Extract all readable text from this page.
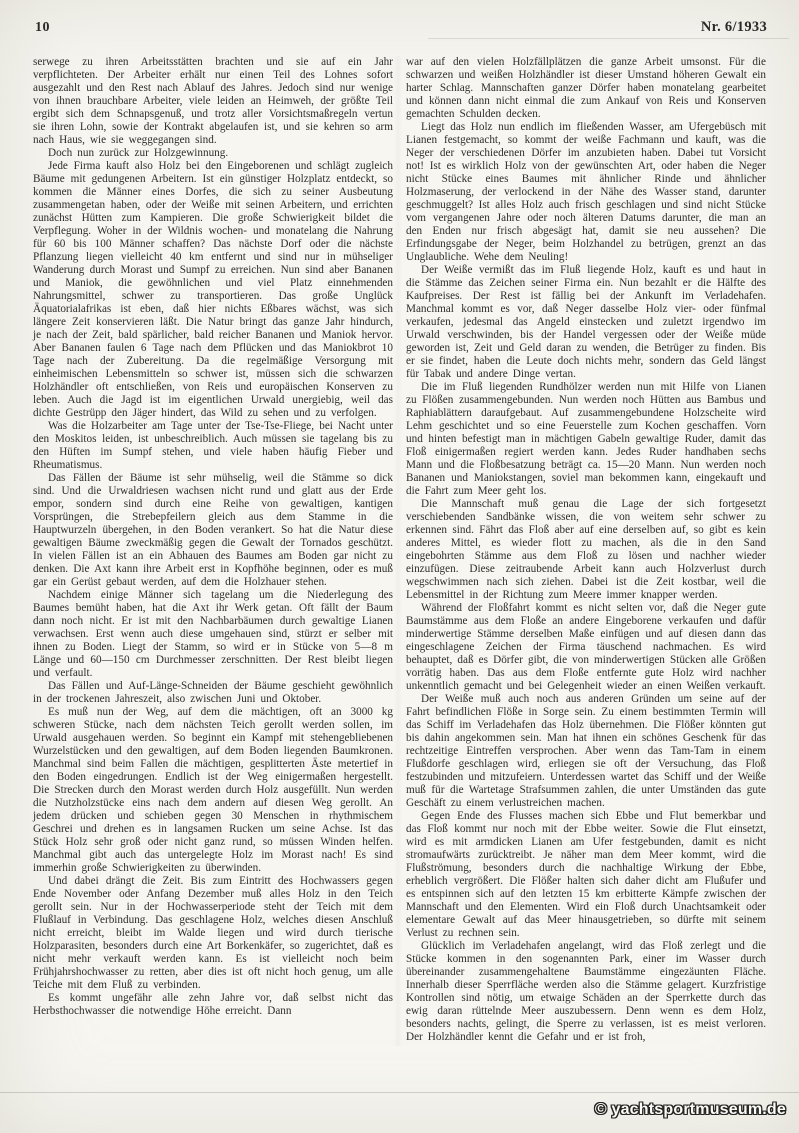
10	Nr. 6/1933

serwege zu ihren Arbeitsstätten brachten und sie auf ein Jahr verpflichteten. Der Arbeiter erhält nur einen Teil des Lohnes sofort ausgezahlt und den Rest nach Ablauf des Jahres. Jedoch sind nur wenige von ihnen brauchbare Arbeiter, viele leiden an Heimweh, der größte Teil ergibt sich dem Schnapsgenuß, und trotz aller Vorsichtsmaßregeln vertun sie ihren Lohn, sowie der Kontrakt abgelaufen ist, und sie kehren so arm nach Haus, wie sie weggegangen sind.

Doch nun zurück zur Holzgewinnung.

Jede Firma kauft also Holz bei den Eingeborenen und schlägt zugleich Bäume mit gedungenen Arbeitern. Ist ein günstiger Holzplatz entdeckt, so kommen die Männer eines Dorfes, die sich zu seiner Ausbeutung zusammengetan haben, oder der Weiße mit seinen Arbeitern, und errichten zunächst Hütten zum Kampieren. Die große Schwierigkeit bildet die Verpflegung. Woher in der Wildnis wochen- und monatelang die Nahrung für 60 bis 100 Männer schaffen? Das nächste Dorf oder die nächste Pflanzung liegen vielleicht 40 km entfernt und sind nur in mühseliger Wanderung durch Morast und Sumpf zu erreichen. Nun sind aber Bananen und Maniok, die gewöhnlichen und viel Platz einnehmenden Nahrungsmittel, schwer zu transportieren. Das große Unglück Äquatorialafrikas ist eben, daß hier nichts Eßbares wächst, was sich längere Zeit konservieren läßt. Die Natur bringt das ganze Jahr hindurch, je nach der Zeit, bald spärlicher, bald reicher Bananen und Maniok hervor. Aber Bananen faulen 6 Tage nach dem Pflücken und das Maniokbrot 10 Tage nach der Zubereitung. Da die regelmäßige Versorgung mit einheimischen Lebensmitteln so schwer ist, müssen sich die schwarzen Holzhändler oft entschließen, von Reis und europäischen Konserven zu leben. Auch die Jagd ist im eigentlichen Urwald unergiebig, weil das dichte Gestrüpp den Jäger hindert, das Wild zu sehen und zu verfolgen.

Was die Holzarbeiter am Tage unter der Tse-Tse-Fliege, bei Nacht unter den Moskitos leiden, ist unbeschreiblich. Auch müssen sie tagelang bis zu den Hüften im Sumpf stehen, und viele haben häufig Fieber und Rheumatismus.

Das Fällen der Bäume ist sehr mühselig, weil die Stämme so dick sind. Und die Urwaldriesen wachsen nicht rund und glatt aus der Erde empor, sondern sind durch eine Reihe von gewaltigen, kantigen Vorsprüngen, die Strebepfeilern gleich aus dem Stamme in die Hauptwurzeln übergehen, in den Boden verankert. So hat die Natur diese gewaltigen Bäume zweckmäßig gegen die Gewalt der Tornados geschützt. In vielen Fällen ist an ein Abhauen des Baumes am Boden gar nicht zu denken. Die Axt kann ihre Arbeit erst in Kopfhöhe beginnen, oder es muß gar ein Gerüst gebaut werden, auf dem die Holzhauer stehen.

Nachdem einige Männer sich tagelang um die Niederlegung des Baumes bemüht haben, hat die Axt ihr Werk getan. Oft fällt der Baum dann noch nicht. Er ist mit den Nachbarbäumen durch gewaltige Lianen verwachsen. Erst wenn auch diese umgehauen sind, stürzt er selber mit ihnen zu Boden. Liegt der Stamm, so wird er in Stücke von 5—8 m Länge und 60—150 cm Durchmesser zerschnitten. Der Rest bleibt liegen und verfault.

Das Fällen und Auf-Länge-Schneiden der Bäume geschieht gewöhnlich in der trockenen Jahreszeit, also zwischen Juni und Oktober.

Es muß nun der Weg, auf dem die mächtigen, oft an 3000 kg schweren Stücke, nach dem nächsten Teich gerollt werden sollen, im Urwald ausgehauen werden. So beginnt ein Kampf mit stehengebliebenen Wurzelstücken und den gewaltigen, auf dem Boden liegenden Baumkronen. Manchmal sind beim Fallen die mächtigen, gesplitterten Äste metertief in den Boden eingedrungen. Endlich ist der Weg einigermaßen hergestellt. Die Strecken durch den Morast werden durch Holz ausgefüllt. Nun werden die Nutzholzstücke eins nach dem andern auf diesen Weg gerollt. An jedem drücken und schieben gegen 30 Menschen in rhythmischem Geschrei und drehen es in langsamen Rucken um seine Achse. Ist das Stück Holz sehr groß oder nicht ganz rund, so müssen Winden helfen. Manchmal gibt auch das untergelegte Holz im Morast nach! Es sind immerhin große Schwierigkeiten zu überwinden.

Und dabei drängt die Zeit. Bis zum Eintritt des Hochwassers gegen Ende November oder Anfang Dezember muß alles Holz in den Teich gerollt sein. Nur in der Hochwasserperiode steht der Teich mit dem Flußlauf in Verbindung. Das geschlagene Holz, welches diesen Anschluß nicht erreicht, bleibt im Walde liegen und wird durch tierische Holzparasiten, besonders durch eine Art Borkenkäfer, so zugerichtet, daß es nicht mehr verkauft werden kann. Es ist vielleicht noch beim Frühjahrshochwasser zu retten, aber dies ist oft nicht hoch genug, um alle Teiche mit dem Fluß zu verbinden.

Es kommt ungefähr alle zehn Jahre vor, daß selbst nicht das Herbsthochwasser die notwendige Höhe erreicht. Dann

war auf den vielen Holzfällplätzen die ganze Arbeit umsonst. Für die schwarzen und weißen Holzhändler ist dieser Umstand höheren Gewalt ein harter Schlag. Mannschaften ganzer Dörfer haben monatelang gearbeitet und können dann nicht einmal die zum Ankauf von Reis und Konserven gemachten Schulden decken.

Liegt das Holz nun endlich im fließenden Wasser, am Ufergebüsch mit Lianen festgemacht, so kommt der weiße Fachmann und kauft, was die Neger der verschiedenen Dörfer im anzubieten haben. Dabei tut Vorsicht not! Ist es wirklich Holz von der gewünschten Art, oder haben die Neger nicht Stücke eines Baumes mit ähnlicher Rinde und ähnlicher Holzmaserung, der verlockend in der Nähe des Wasser stand, darunter geschmuggelt? Ist alles Holz auch frisch geschlagen und sind nicht Stücke vom vergangenen Jahre oder noch älteren Datums darunter, die man an den Enden nur frisch abgesägt hat, damit sie neu aussehen? Die Erfindungsgabe der Neger, beim Holzhandel zu betrügen, grenzt an das Unglaubliche. Wehe dem Neuling!

Der Weiße vermißt das im Fluß liegende Holz, kauft es und haut in die Stämme das Zeichen seiner Firma ein. Nun bezahlt er die Hälfte des Kaufpreises. Der Rest ist fällig bei der Ankunft im Verladehafen. Manchmal kommt es vor, daß Neger dasselbe Holz vier- oder fünfmal verkaufen, jedesmal das Angeld einstecken und zuletzt irgendwo im Urwald verschwinden, bis der Handel vergessen oder der Weiße müde geworden ist, Zeit und Geld daran zu wenden, die Betrüger zu finden. Bis er sie findet, haben die Leute doch nichts mehr, sondern das Geld längst für Tabak und andere Dinge vertan.

Die im Fluß liegenden Rundhölzer werden nun mit Hilfe von Lianen zu Flößen zusammengebunden. Nun werden noch Hütten aus Bambus und Raphiablättern daraufgebaut. Auf zusammengebundene Holzscheite wird Lehm geschichtet und so eine Feuerstelle zum Kochen geschaffen. Vorn und hinten befestigt man in mächtigen Gabeln gewaltige Ruder, damit das Floß einigermaßen regiert werden kann. Jedes Ruder handhaben sechs Mann und die Floßbesatzung beträgt ca. 15—20 Mann. Nun werden noch Bananen und Maniokstangen, soviel man bekommen kann, eingekauft und die Fahrt zum Meer geht los.

Die Mannschaft muß genau die Lage der sich fortgesetzt verschiebenden Sandbänke wissen, die von weitem sehr schwer zu erkennen sind. Fährt das Floß aber auf eine derselben auf, so gibt es kein anderes Mittel, es wieder flott zu machen, als die in den Sand eingebohrten Stämme aus dem Floß zu lösen und nachher wieder einzufügen. Diese zeitraubende Arbeit kann auch Holzverlust durch wegschwimmen nach sich ziehen. Dabei ist die Zeit kostbar, weil die Lebensmittel in der Richtung zum Meere immer knapper werden.

Während der Floßfahrt kommt es nicht selten vor, daß die Neger gute Baumstämme aus dem Floße an andere Eingeborene verkaufen und dafür minderwertige Stämme derselben Maße einfügen und auf diesen dann das eingeschlagene Zeichen der Firma täuschend nachmachen. Es wird behauptet, daß es Dörfer gibt, die von minderwertigen Stücken alle Größen vorrätig haben. Das aus dem Floße entfernte gute Holz wird nachher unkenntlich gemacht und bei Gelegenheit wieder an einen Weißen verkauft.

Der Weiße muß auch noch aus anderen Gründen um seine auf der Fahrt befindlichen Flöße in Sorge sein. Zu einem bestimmten Termin will das Schiff im Verladehafen das Holz übernehmen. Die Flößer könnten gut bis dahin angekommen sein. Man hat ihnen ein schönes Geschenk für das rechtzeitige Eintreffen versprochen. Aber wenn das Tam-Tam in einem Flußdorfe geschlagen wird, erliegen sie oft der Versuchung, das Floß festzubinden und mitzufeiern. Unterdessen wartet das Schiff und der Weiße muß für die Wartetage Strafsummen zahlen, die unter Umständen das gute Geschäft zu einem verlustreichen machen.

Gegen Ende des Flusses machen sich Ebbe und Flut bemerkbar und das Floß kommt nur noch mit der Ebbe weiter. Sowie die Flut einsetzt, wird es mit armdicken Lianen am Ufer festgebunden, damit es nicht stromaufwärts zurücktreibt. Je näher man dem Meer kommt, wird die Flußströmung, besonders durch die nachhaltige Wirkung der Ebbe, erheblich vergrößert. Die Flößer halten sich daher dicht am Flußufer und es entspinnen sich auf den letzten 15 km erbitterte Kämpfe zwischen der Mannschaft und den Elementen. Wird ein Floß durch Unachtsamkeit oder elementare Gewalt auf das Meer hinausgetrieben, so dürfte mit seinem Verlust zu rechnen sein.

Glücklich im Verladehafen angelangt, wird das Floß zerlegt und die Stücke kommen in den sogenannten Park, einer im Wasser durch übereinander zusammengehaltene Baumstämme eingezäunten Fläche. Innerhalb dieser Sperrfläche werden also die Stämme gelagert. Kurzfristige Kontrollen sind nötig, um etwaige Schäden an der Sperrkette durch das ewig daran rüttelnde Meer auszubessern. Denn wenn es dem Holz, besonders nachts, gelingt, die Sperre zu verlassen, ist es meist verloren. Der Holzhändler kennt die Gefahr und er ist froh,

© yachtsportmuseum.de
